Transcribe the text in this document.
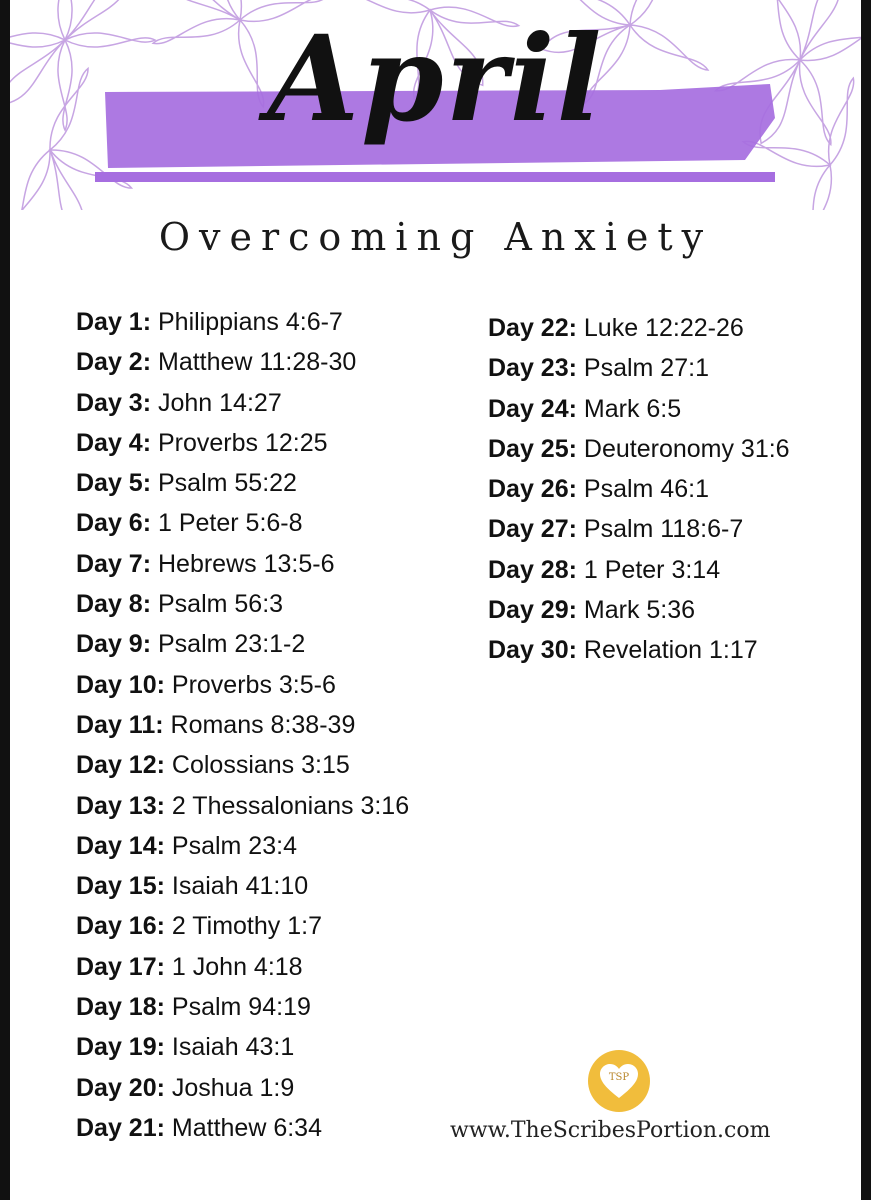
April
Overcoming Anxiety
Day 1: Philippians 4:6-7
Day 2: Matthew 11:28-30
Day 3: John 14:27
Day 4: Proverbs 12:25
Day 5: Psalm 55:22
Day 6: 1 Peter 5:6-8
Day 7: Hebrews 13:5-6
Day 8: Psalm 56:3
Day 9: Psalm 23:1-2
Day 10: Proverbs 3:5-6
Day 11: Romans 8:38-39
Day 12: Colossians 3:15
Day 13: 2 Thessalonians 3:16
Day 14: Psalm 23:4
Day 15: Isaiah 41:10
Day 16: 2 Timothy 1:7
Day 17: 1 John 4:18
Day 18: Psalm 94:19
Day 19: Isaiah 43:1
Day 20: Joshua 1:9
Day 21: Matthew 6:34
Day 22: Luke 12:22-26
Day 23: Psalm 27:1
Day 24: Mark 6:5
Day 25: Deuteronomy 31:6
Day 26: Psalm 46:1
Day 27: Psalm 118:6-7
Day 28: 1 Peter 3:14
Day 29: Mark 5:36
Day 30: Revelation 1:17
TSP
www.TheScribesPortion.com
